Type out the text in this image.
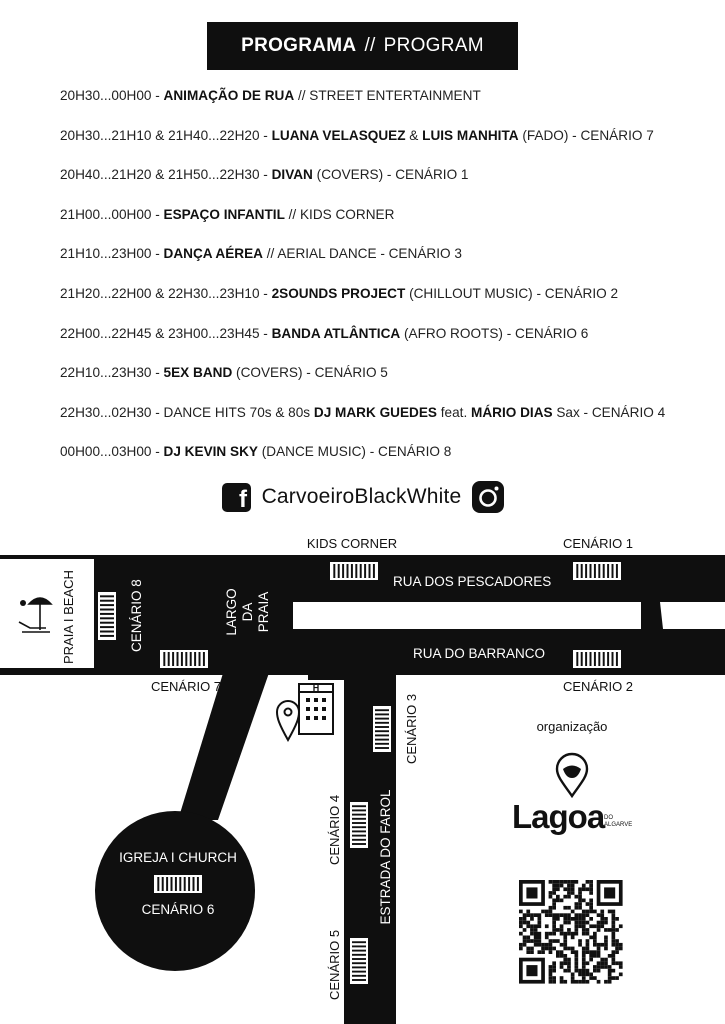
PROGRAMA // PROGRAM
20H30...00H00 - ANIMAÇÃO DE RUA // STREET ENTERTAINMENT
20H30...21H10 & 21H40...22H20 - LUANA VELASQUEZ & LUIS MANHITA (FADO) - CENÁRIO 7
20H40...21H20 & 21H50...22H30 - DIVAN (COVERS) - CENÁRIO 1
21H00...00H00 - ESPAÇO INFANTIL // KIDS CORNER
21H10...23H00 - DANÇA AÉREA // AERIAL DANCE - CENÁRIO 3
21H20...22H00 & 22H30...23H10 - 2SOUNDS PROJECT (CHILLOUT MUSIC) - CENÁRIO 2
22H00...22H45 & 23H00...23H45 - BANDA ATLÂNTICA (AFRO ROOTS) - CENÁRIO 6
22H10...23H30 - 5EX BAND (COVERS) - CENÁRIO 5
22H30...02H30 - DANCE HITS 70s & 80s DJ MARK GUEDES feat. MÁRIO DIAS Sax - CENÁRIO 4
00H00...03H00 - DJ KEVIN SKY (DANCE MUSIC) - CENÁRIO 8
f CarvoeiroBlackWhite
PRAIA I BEACH	RUA DOS PESCADORES
RUA DO BARRANCO
LARGO DA PRAIA
ESTRADA DO FAROL
KIDS CORNER	CENÁRIO 1
CENÁRIO 2
CENÁRIO 7
CENÁRIO 8
CENÁRIO 3
CENÁRIO 4
CENÁRIO 5
IGREJA I CHURCH
CENÁRIO 6
H
organização
Lagoa DO
ALGARVE
